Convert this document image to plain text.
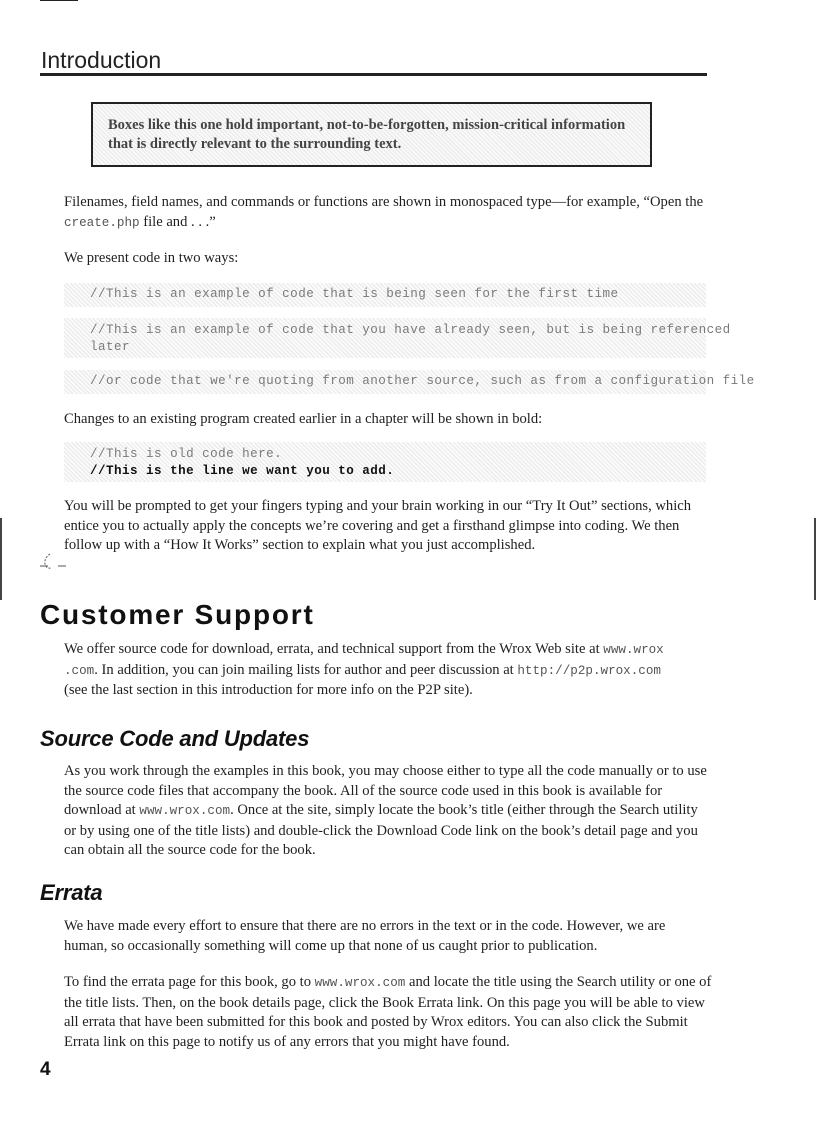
Introduction
Boxes like this one hold important, not-to-be-forgotten, mission-critical information that is directly relevant to the surrounding text.
Filenames, field names, and commands or functions are shown in monospaced type—for example, “Open the create.php file and . . .”
We present code in two ways:
//This is an example of code that is being seen for the first time
//This is an example of code that you have already seen, but is being referenced
later
//or code that we're quoting from another source, such as from a configuration file
Changes to an existing program created earlier in a chapter will be shown in bold:
//This is old code here.
//This is the line we want you to add.
You will be prompted to get your fingers typing and your brain working in our “Try It Out” sections, which entice you to actually apply the concepts we’re covering and get a firsthand glimpse into coding. We then follow up with a “How It Works” section to explain what you just accomplished.
Customer Support
We offer source code for download, errata, and technical support from the Wrox Web site at www.wrox
.com. In addition, you can join mailing lists for author and peer discussion at http://p2p.wrox.com
(see the last section in this introduction for more info on the P2P site).
Source Code and Updates
As you work through the examples in this book, you may choose either to type all the code manually or to use the source code files that accompany the book. All of the source code used in this book is available for download at www.wrox.com. Once at the site, simply locate the book’s title (either through the Search utility or by using one of the title lists) and double-click the Download Code link on the book’s detail page and you can obtain all the source code for the book.
Errata
We have made every effort to ensure that there are no errors in the text or in the code. However, we are human, so occasionally something will come up that none of us caught prior to publication.
To find the errata page for this book, go to www.wrox.com and locate the title using the Search utility or one of the title lists. Then, on the book details page, click the Book Errata link. On this page you will be able to view all errata that have been submitted for this book and posted by Wrox editors. You can also click the Submit Errata link on this page to notify us of any errors that you might have found.
4
